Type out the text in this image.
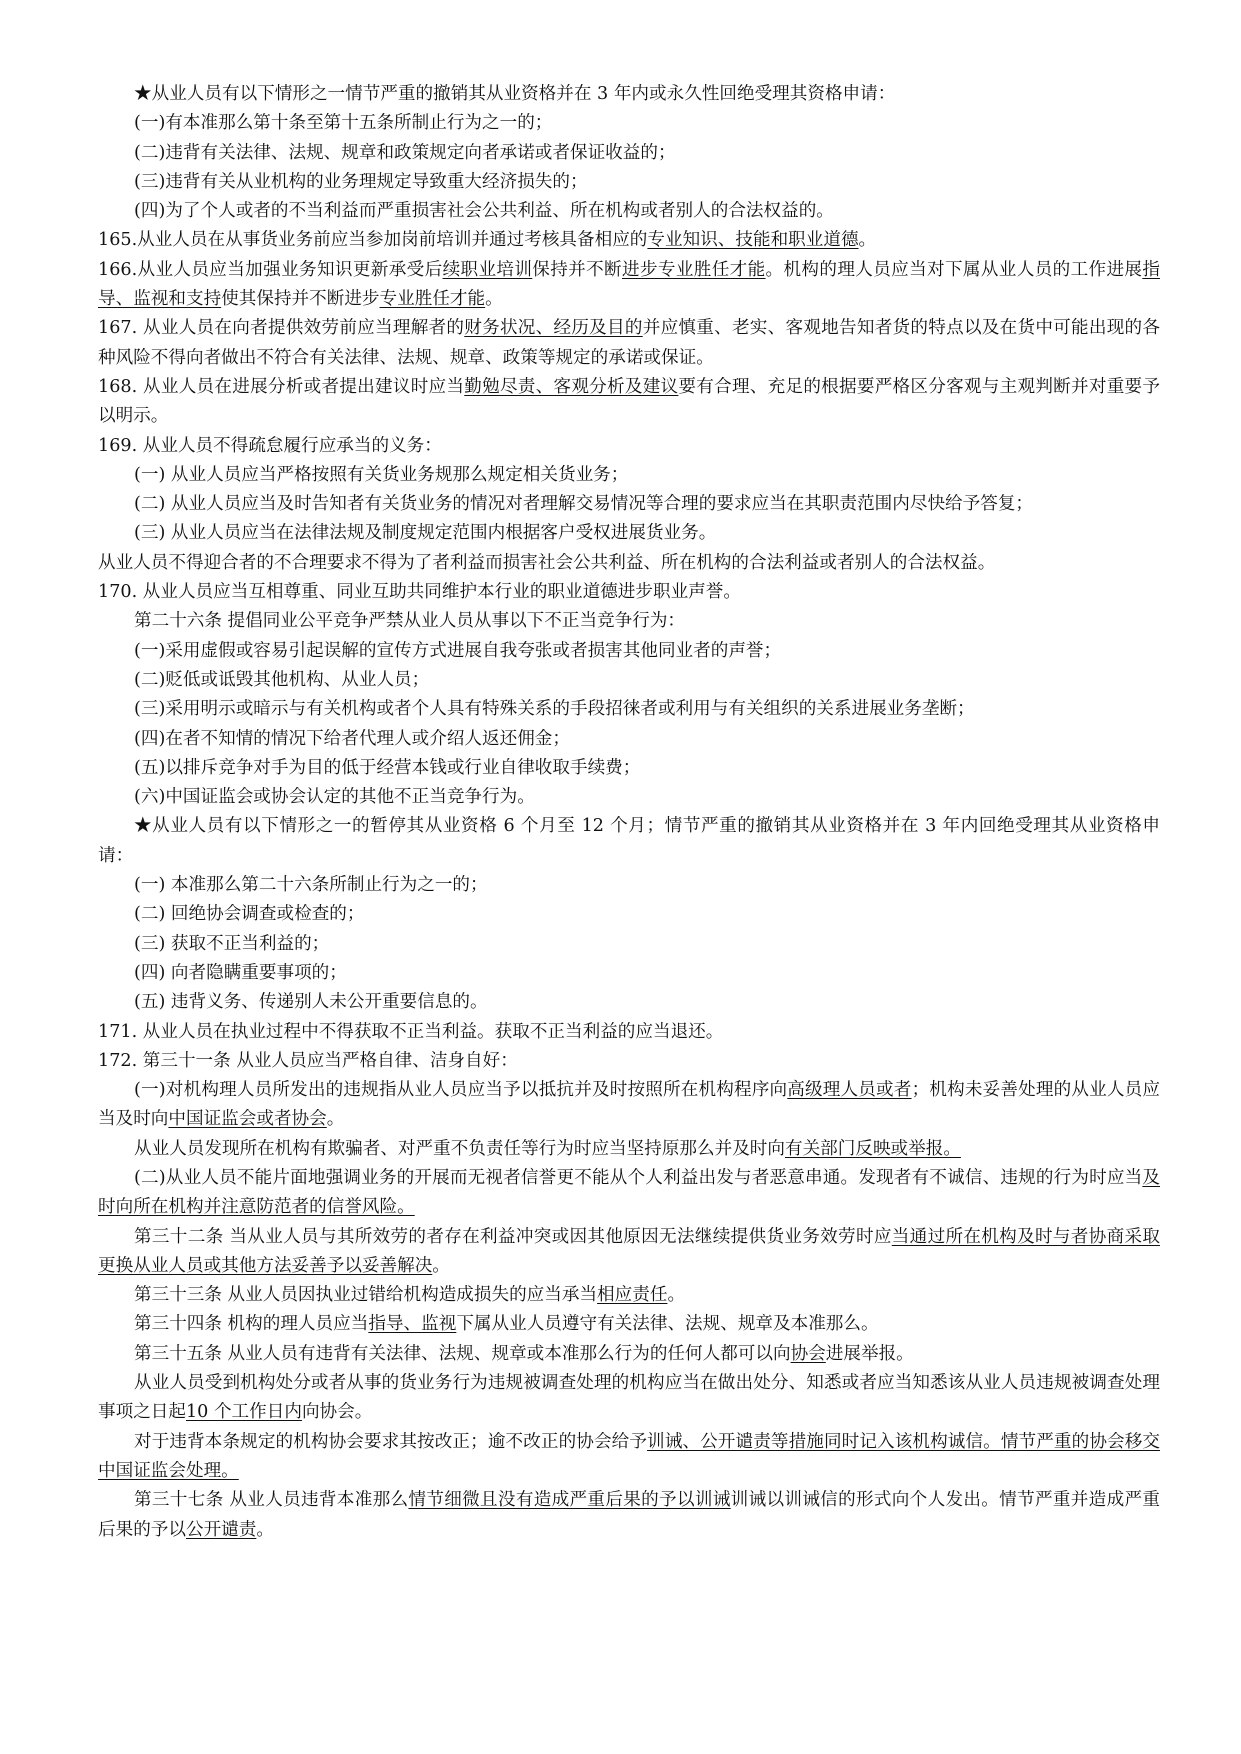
★从业人员有以下情形之一情节严重的撤销其从业资格并在 3 年内或永久性回绝受理其资格申请：

(一)有本准那么第十条至第十五条所制止行为之一的；

(二)违背有关法律、法规、规章和政策规定向者承诺或者保证收益的；

(三)违背有关从业机构的业务理规定导致重大经济损失的；

(四)为了个人或者的不当利益而严重损害社会公共利益、所在机构或者别人的合法权益的。

165.从业人员在从事货业务前应当参加岗前培训并通过考核具备相应的专业知识、技能和职业道德。

166.从业人员应当加强业务知识更新承受后续职业培训保持并不断进步专业胜任才能。机构的理人员应当对下属从业人员的工作进展指导、监视和支持使其保持并不断进步专业胜任才能。

167. 从业人员在向者提供效劳前应当理解者的财务状况、经历及目的并应慎重、老实、客观地告知者货的特点以及在货中可能出现的各种风险不得向者做出不符合有关法律、法规、规章、政策等规定的承诺或保证。

168. 从业人员在进展分析或者提出建议时应当勤勉尽责、客观分析及建议要有合理、充足的根据要严格区分客观与主观判断并对重要予以明示。

169. 从业人员不得疏怠履行应承当的义务：

(一) 从业人员应当严格按照有关货业务规那么规定相关货业务；

(二) 从业人员应当及时告知者有关货业务的情况对者理解交易情况等合理的要求应当在其职责范围内尽快给予答复；

(三) 从业人员应当在法律法规及制度规定范围内根据客户受权进展货业务。

从业人员不得迎合者的不合理要求不得为了者利益而损害社会公共利益、所在机构的合法利益或者别人的合法权益。

170. 从业人员应当互相尊重、同业互助共同维护本行业的职业道德进步职业声誉。

第二十六条 提倡同业公平竞争严禁从业人员从事以下不正当竞争行为：

(一)采用虚假或容易引起误解的宣传方式进展自我夸张或者损害其他同业者的声誉；

(二)贬低或诋毁其他机构、从业人员；

(三)采用明示或暗示与有关机构或者个人具有特殊关系的手段招徕者或利用与有关组织的关系进展业务垄断；

(四)在者不知情的情况下给者代理人或介绍人返还佣金；

(五)以排斥竞争对手为目的低于经营本钱或行业自律收取手续费；

(六)中国证监会或协会认定的其他不正当竞争行为。

★从业人员有以下情形之一的暂停其从业资格 6 个月至 12 个月；情节严重的撤销其从业资格并在 3 年内回绝受理其从业资格申请：

(一) 本准那么第二十六条所制止行为之一的；

(二) 回绝协会调查或检查的；

(三) 获取不正当利益的；

(四) 向者隐瞒重要事项的；

(五) 违背义务、传递别人未公开重要信息的。

171. 从业人员在执业过程中不得获取不正当利益。获取不正当利益的应当退还。

172. 第三十一条 从业人员应当严格自律、洁身自好：

(一)对机构理人员所发出的违规指从业人员应当予以抵抗并及时按照所在机构程序向高级理人员或者；机构未妥善处理的从业人员应当及时向中国证监会或者协会。

从业人员发现所在机构有欺骗者、对严重不负责任等行为时应当坚持原那么并及时向有关部门反映或举报。

(二)从业人员不能片面地强调业务的开展而无视者信誉更不能从个人利益出发与者恶意串通。发现者有不诚信、违规的行为时应当及时向所在机构并注意防范者的信誉风险。

第三十二条 当从业人员与其所效劳的者存在利益冲突或因其他原因无法继续提供货业务效劳时应当通过所在机构及时与者协商采取更换从业人员或其他方法妥善予以妥善解决。

第三十三条 从业人员因执业过错给机构造成损失的应当承当相应责任。

第三十四条 机构的理人员应当指导、监视下属从业人员遵守有关法律、法规、规章及本准那么。

第三十五条 从业人员有违背有关法律、法规、规章或本准那么行为的任何人都可以向协会进展举报。

从业人员受到机构处分或者从事的货业务行为违规被调查处理的机构应当在做出处分、知悉或者应当知悉该从业人员违规被调查处理事项之日起10 个工作日内向协会。

对于违背本条规定的机构协会要求其按改正；逾不改正的协会给予训诫、公开谴责等措施同时记入该机构诚信。情节严重的协会移交中国证监会处理。

第三十七条 从业人员违背本准那么情节细微且没有造成严重后果的予以训诫训诫以训诫信的形式向个人发出。情节严重并造成严重后果的予以公开谴责。
